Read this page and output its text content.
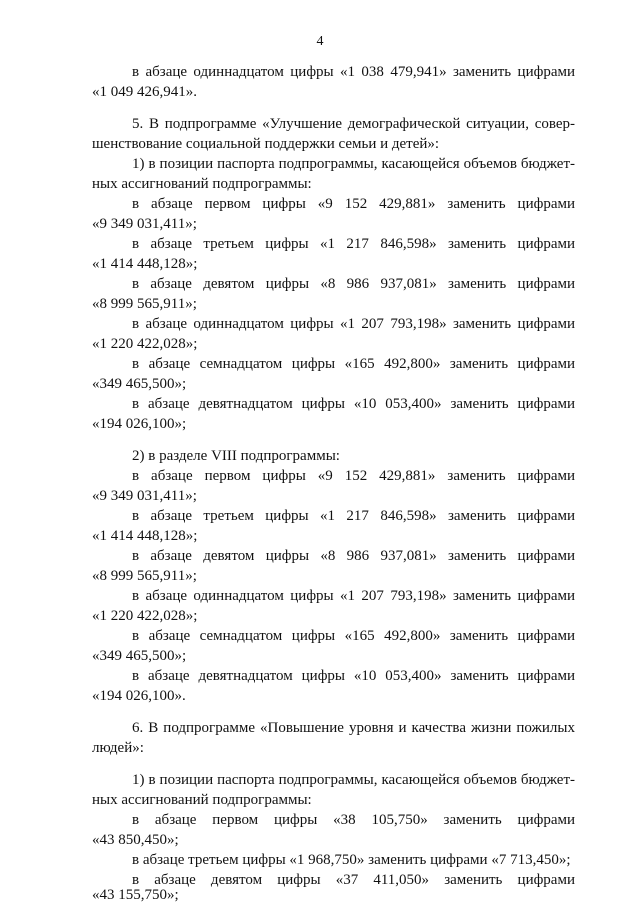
4

в абзаце одиннадцатом цифры «1 038 479,941» заменить цифрами

«1 049 426,941».

5. В подпрограмме «Улучшение демографической ситуации, совер-

шенствование социальной поддержки семьи и детей»:

1) в позиции паспорта подпрограммы, касающейся объемов бюджет-

ных ассигнований подпрограммы:

в абзаце первом цифры «9 152 429,881» заменить цифрами

«9 349 031,411»;

в абзаце третьем цифры «1 217 846,598» заменить цифрами

«1 414 448,128»;

в абзаце девятом цифры «8 986 937,081» заменить цифрами

«8 999 565,911»;

в абзаце одиннадцатом цифры «1 207 793,198» заменить цифрами

«1 220 422,028»;

в абзаце семнадцатом цифры «165 492,800» заменить цифрами

«349 465,500»;

в абзаце девятнадцатом цифры «10 053,400» заменить цифрами

«194 026,100»;

2) в разделе VIII подпрограммы:

в абзаце первом цифры «9 152 429,881» заменить цифрами

«9 349 031,411»;

в абзаце третьем цифры «1 217 846,598» заменить цифрами

«1 414 448,128»;

в абзаце девятом цифры «8 986 937,081» заменить цифрами

«8 999 565,911»;

в абзаце одиннадцатом цифры «1 207 793,198» заменить цифрами

«1 220 422,028»;

в абзаце семнадцатом цифры «165 492,800» заменить цифрами

«349 465,500»;

в абзаце девятнадцатом цифры «10 053,400» заменить цифрами

«194 026,100».

6. В подпрограмме «Повышение уровня и качества жизни пожилых

людей»:

1) в позиции паспорта подпрограммы, касающейся объемов бюджет-

ных ассигнований подпрограммы:

в абзаце первом цифры «38 105,750» заменить цифрами

«43 850,450»;

в абзаце третьем цифры «1 968,750» заменить цифрами «7 713,450»;

в абзаце девятом цифры «37 411,050» заменить цифрами

«43 155,750»;
